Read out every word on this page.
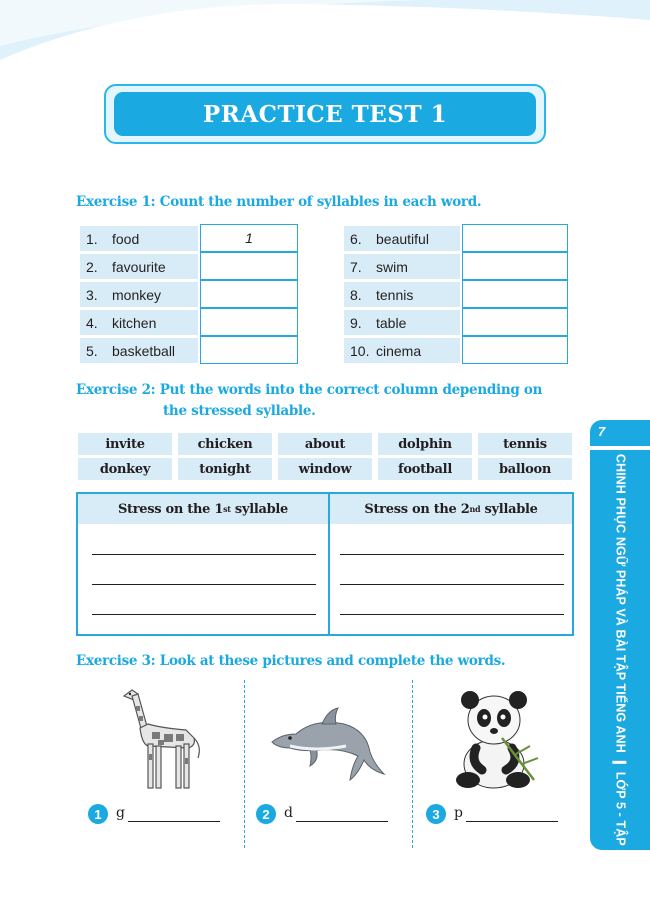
PRACTICE TEST 1
Exercise 1: Count the number of syllables in each word.
1.	food	1
2.	favourite
3.	monkey
4.	kitchen
5.	basketball
6.	beautiful
7.	swim
8.	tennis
9.	table
10. cinema
Exercise 2: Put the words into the correct column depending on
the stressed syllable.
invite	chicken	about	dolphin	tennis
donkey	tonight	window	football	balloon
Stress on the 1 st syllable	Stress on the 2 nd syllable
Exercise 3: Look at these pictures and complete the words.
1	g	2	d	3	p
7
CHINH PHỤC NGỮ PHÁP VÀ BÀI TẬP TIẾNG ANHLỚP 5 - TẬP 1
